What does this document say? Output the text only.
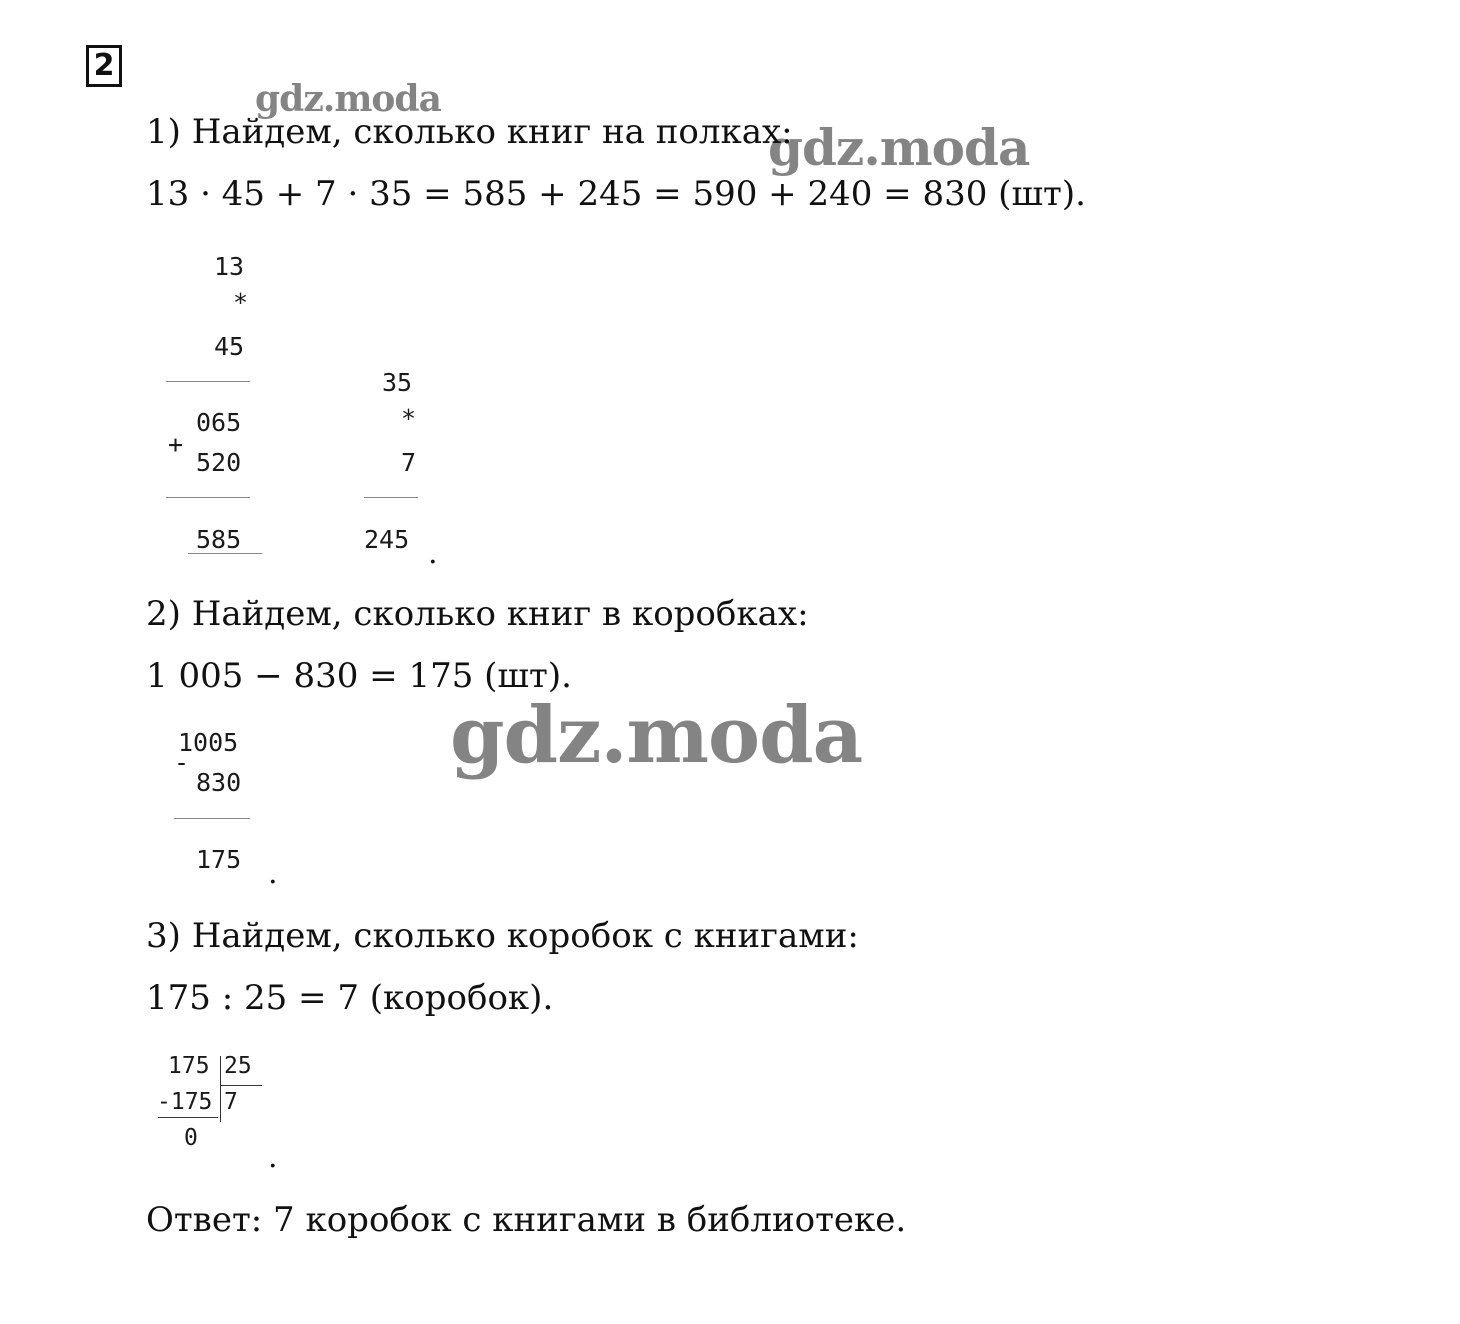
2
gdz.moda
gdz.moda
gdz.moda
1) Найдем, сколько книг на полках:
13 · 45 + 7 · 35 = 585 + 245 = 590 + 240 = 830 (шт).
13
*
45
065
+
520
585
35
*
7
245 .
2) Найдем, сколько книг в коробках:
1 005 − 830 = 175 (шт).
1005
-
830
175 .
3) Найдем, сколько коробок с книгами:
175 : 25 = 7 (коробок).
175 25
-175 7
0
.
Ответ: 7 коробок с книгами в библиотеке.
